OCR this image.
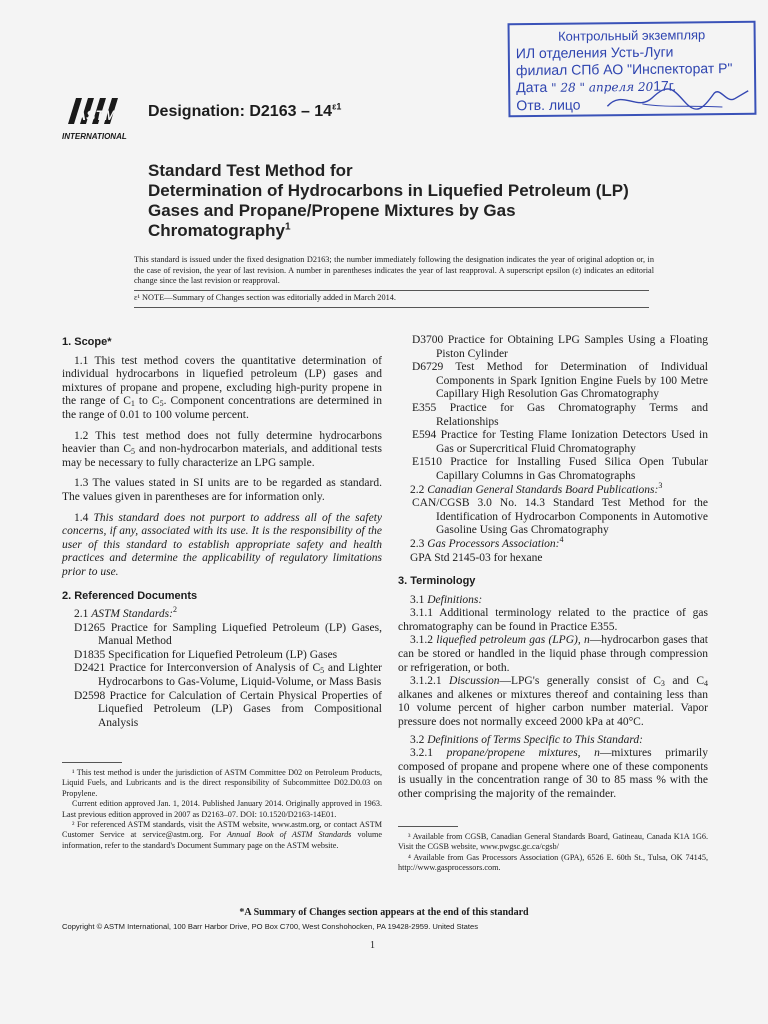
Контрольный экземпляр
ИЛ отделения Усть-Луги
филиал СПб АО "Инспекторат Р"
Дата " 28 " апреля 2017г.
Отв. лицо
ASTM
INTERNATIONAL
Designation: $D2163 - 14^{\varepsilon 1}$
Standard Test Method for
Determination of Hydrocarbons in Liquefied Petroleum (LP)
Gases and Propane/Propene Mixtures by Gas
Chromatography$^1$
This standard is issued under the fixed designation D2163; the number immediately following the designation indicates the year of original adoption or, in the case of revision, the year of last revision. A number in parentheses indicates the year of last reapproval. A superscript epsilon (ε) indicates an editorial change since the last revision or reapproval.
ε¹ NOTE—Summary of Changes section was editorially added in March 2014.

1. Scope*

1.1 This test method covers the quantitative determination of individual hydrocarbons in liquefied petroleum (LP) gases and mixtures of propane and propene, excluding high-purity propene in the range of $C_1$ to $C_5$. Component concentrations are determined in the range of 0.01 to 100 volume percent.

1.2 This test method does not fully determine hydrocarbons heavier than $C_5$ and non-hydrocarbon materials, and additional tests may be necessary to fully characterize an LPG sample.

1.3 The values stated in SI units are to be regarded as standard. The values given in parentheses are for information only.

1.4 This standard does not purport to address all of the safety concerns, if any, associated with its use. It is the responsibility of the user of this standard to establish appropriate safety and health practices and determine the applicability of regulatory limitations prior to use.

2. Referenced Documents

2.1 ASTM Standards:$^2$

D1265 Practice for Sampling Liquefied Petroleum (LP) Gases, Manual Method

D1835 Specification for Liquefied Petroleum (LP) Gases

D2421 Practice for Interconversion of Analysis of $C_5$ and Lighter Hydrocarbons to Gas-Volume, Liquid-Volume, or Mass Basis

D2598 Practice for Calculation of Certain Physical Properties of Liquefied Petroleum (LP) Gases from Compositional Analysis

¹ This test method is under the jurisdiction of ASTM Committee D02 on Petroleum Products, Liquid Fuels, and Lubricants and is the direct responsibility of Subcommittee D02.D0.03 on Propylene.

Current edition approved Jan. 1, 2014. Published January 2014. Originally approved in 1963. Last previous edition approved in 2007 as D2163–07. DOI: 10.1520/D2163-14E01.

² For referenced ASTM standards, visit the ASTM website, www.astm.org, or contact ASTM Customer Service at service@astm.org. For Annual Book of ASTM Standards volume information, refer to the standard's Document Summary page on the ASTM website.

D3700 Practice for Obtaining LPG Samples Using a Floating Piston Cylinder

D6729 Test Method for Determination of Individual Components in Spark Ignition Engine Fuels by 100 Metre Capillary High Resolution Gas Chromatography

E355 Practice for Gas Chromatography Terms and Relationships

E594 Practice for Testing Flame Ionization Detectors Used in Gas or Supercritical Fluid Chromatography

E1510 Practice for Installing Fused Silica Open Tubular Capillary Columns in Gas Chromatographs

2.2 Canadian General Standards Board Publications:$^3$

CAN/CGSB 3.0 No. 14.3 Standard Test Method for the Identification of Hydrocarbon Components in Automotive Gasoline Using Gas Chromatography

2.3 Gas Processors Association:$^4$

GPA Std 2145-03 for hexane

3. Terminology

3.1 Definitions:

3.1.1 Additional terminology related to the practice of gas chromatography can be found in Practice E355.

3.1.2 liquefied petroleum gas (LPG), n—hydrocarbon gases that can be stored or handled in the liquid phase through compression or refrigeration, or both.

3.1.2.1 Discussion—LPG's generally consist of $C_3$ and $C_4$ alkanes and alkenes or mixtures thereof and containing less than 10 volume percent of higher carbon number material. Vapor pressure does not normally exceed 2000 kPa at 40°C.

3.2 Definitions of Terms Specific to This Standard:

3.2.1 propane/propene mixtures, n—mixtures primarily composed of propane and propene where one of these components is usually in the concentration range of 30 to 85 mass % with the other comprising the majority of the remainder.

³ Available from CGSB, Canadian General Standards Board, Gatineau, Canada K1A 1G6. Visit the CGSB website, www.pwgsc.gc.ca/cgsb/

⁴ Available from Gas Processors Association (GPA), 6526 E. 60th St., Tulsa, OK 74145, http://www.gasprocessors.com.

*A Summary of Changes section appears at the end of this standard
Copyright © ASTM International, 100 Barr Harbor Drive, PO Box C700, West Conshohocken, PA 19428-2959. United States
1
